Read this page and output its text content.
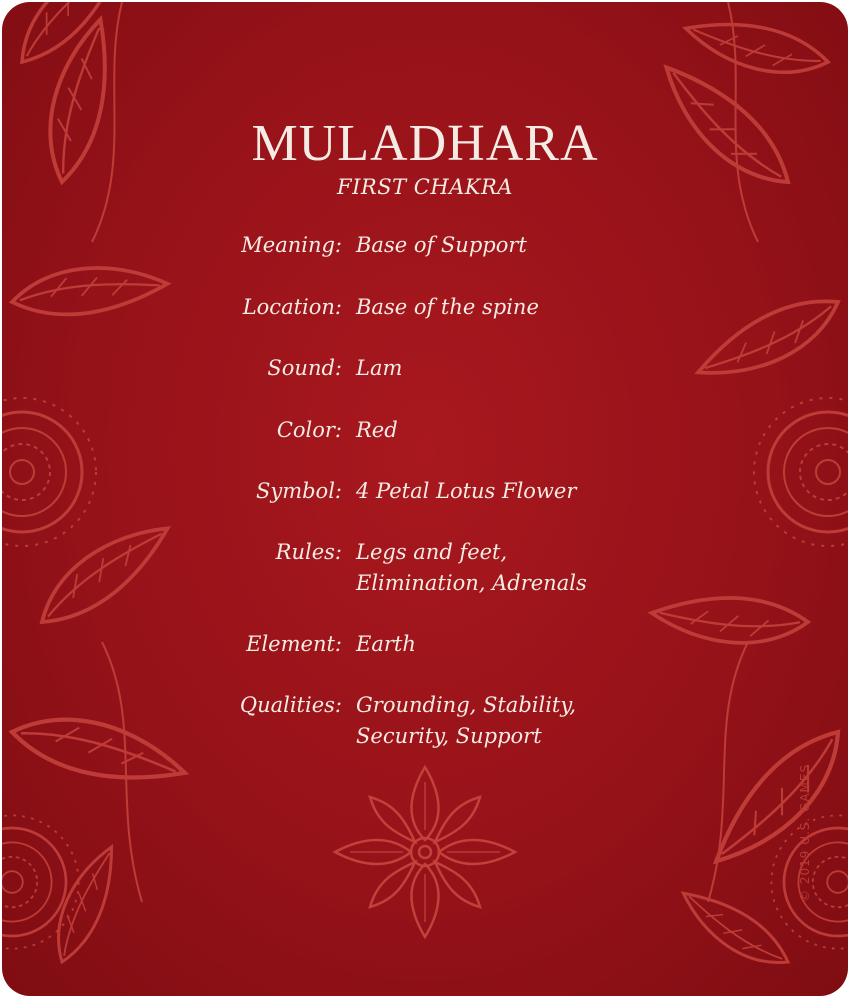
MULADHARA
FIRST CHAKRA
Meaning: Base of Support
Location: Base of the spine
Sound: Lam
Color: Red
Symbol: 4 Petal Lotus Flower
Rules: Legs and feet,
Elimination, Adrenals
Element: Earth
Qualities: Grounding, Stability,
Security, Support
© 2019 U.S. GAMES
